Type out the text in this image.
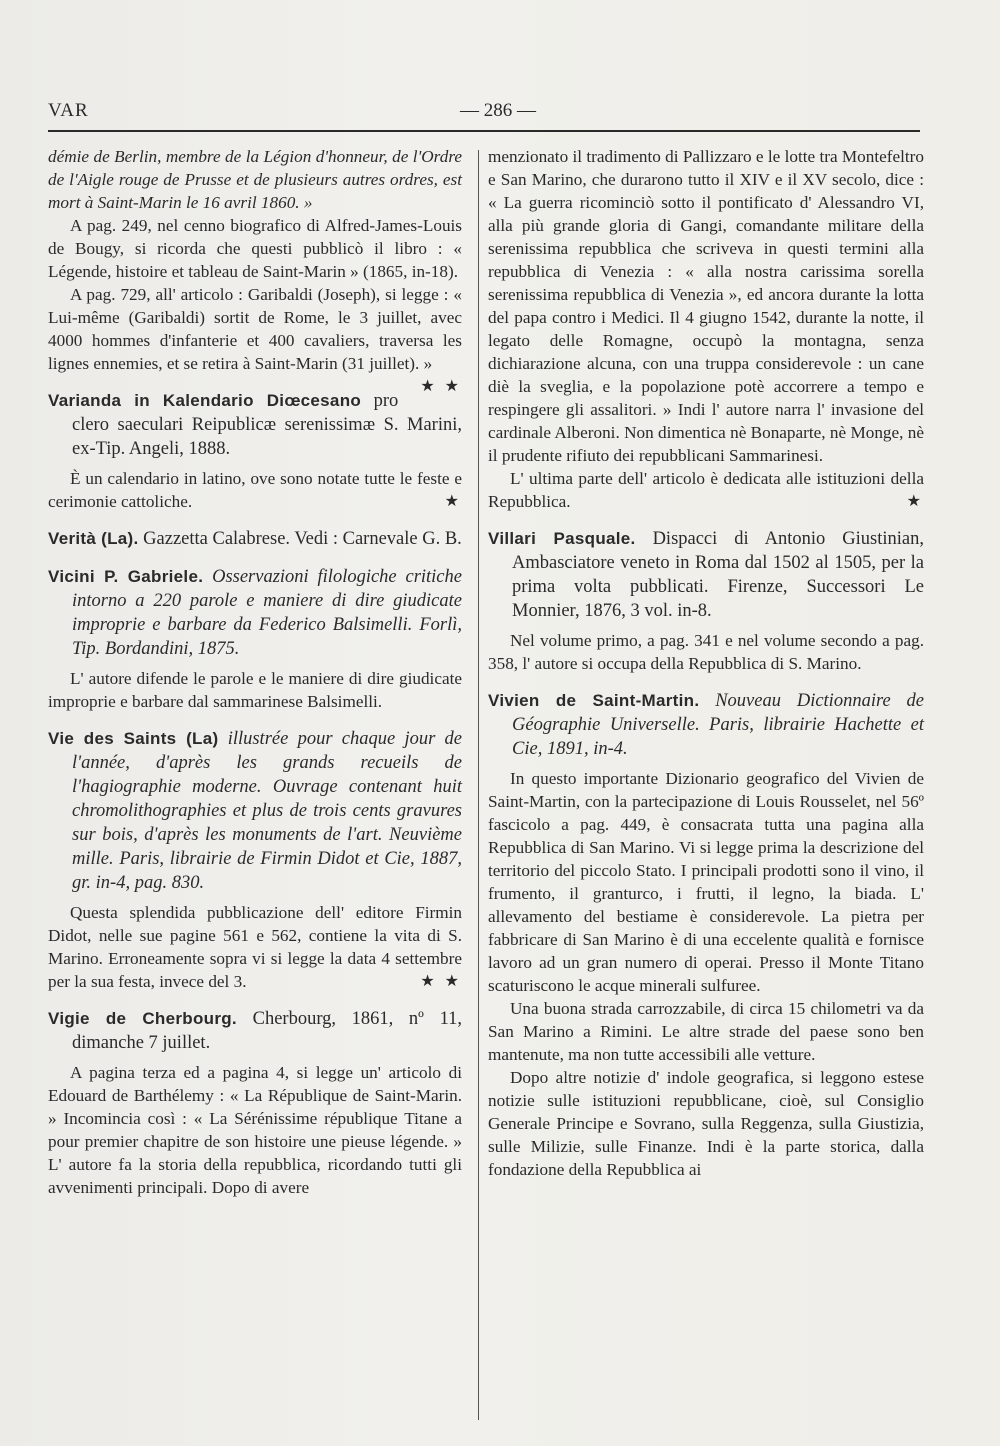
VAR	— 286 —

démie de Berlin, membre de la Légion d'honneur, de l'Ordre de l'Aigle rouge de Prusse et de plusieurs autres ordres, est mort à Saint-Marin le 16 avril 1860. »

A pag. 249, nel cenno biografico di Alfred-James-Louis de Bougy, si ricorda che questi pubblicò il libro : « Légende, histoire et tableau de Saint-Marin » (1865, in-18).

A pag. 729, all' articolo : Garibaldi (Joseph), si legge : « Lui-même (Garibaldi) sortit de Rome, le 3 juillet, avec 4000 hommes d'infanterie et 400 cavaliers, traversa les lignes ennemies, et se retira à Saint-Marin (31 juillet). »
★ ★

Varianda in Kalendario Diœcesano pro clero saeculari Reipublicæ serenissimæ S. Marini, ex-Tip. Angeli, 1888.

È un calendario in latino, ove sono notate tutte le feste e cerimonie cattoliche.	★

Verità (La). Gazzetta Calabrese. Vedi : Carnevale G. B.

Vicini P. Gabriele. Osservazioni filologiche critiche intorno a 220 parole e maniere di dire giudicate improprie e barbare da Federico Balsimelli. Forlì, Tip. Bordandini, 1875.

L' autore difende le parole e le maniere di dire giudicate improprie e barbare dal sammarinese Balsimelli.

Vie des Saints (La) illustrée pour chaque jour de l'année, d'après les grands recueils de l'hagiographie moderne. Ouvrage contenant huit chromolithographies et plus de trois cents gravures sur bois, d'après les monuments de l'art. Neuvième mille. Paris, librairie de Firmin Didot et Cie, 1887, gr. in-4, pag. 830.

Questa splendida pubblicazione dell' editore Firmin Didot, nelle sue pagine 561 e 562, contiene la vita di S. Marino. Erroneamente sopra vi si legge la data 4 settembre per la sua festa, invece del 3.	★ ★

Vigie de Cherbourg. Cherbourg, 1861, nº 11, dimanche 7 juillet.

A pagina terza ed a pagina 4, si legge un' articolo di Edouard de Barthélemy : « La République de Saint-Marin. » Incomincia così : « La Sérénissime république Titane a pour premier chapitre de son histoire une pieuse légende. » L' autore fa la storia della repubblica, ricordando tutti gli avvenimenti principali. Dopo di avere

menzionato il tradimento di Pallizzaro e le lotte tra Montefeltro e San Marino, che durarono tutto il XIV e il XV secolo, dice : « La guerra ricominciò sotto il pontificato d' Alessandro VI, alla più grande gloria di Gangi, comandante militare della serenissima repubblica che scriveva in questi termini alla repubblica di Venezia : « alla nostra carissima sorella serenissima repubblica di Venezia », ed ancora durante la lotta del papa contro i Medici. Il 4 giugno 1542, durante la notte, il legato delle Romagne, occupò la montagna, senza dichiarazione alcuna, con una truppa considerevole : un cane diè la sveglia, e la popolazione potè accorrere a tempo e respingere gli assalitori. » Indi l' autore narra l' invasione del cardinale Alberoni. Non dimentica nè Bonaparte, nè Monge, nè il prudente rifiuto dei repubblicani Sammarinesi.

L' ultima parte dell' articolo è dedicata alle istituzioni della Repubblica.	★

Villari Pasquale. Dispacci di Antonio Giustinian, Ambasciatore veneto in Roma dal 1502 al 1505, per la prima volta pubblicati. Firenze, Successori Le Monnier, 1876, 3 vol. in-8.

Nel volume primo, a pag. 341 e nel volume secondo a pag. 358, l' autore si occupa della Repubblica di S. Marino.

Vivien de Saint-Martin. Nouveau Dictionnaire de Géographie Universelle. Paris, librairie Hachette et Cie, 1891, in-4.

In questo importante Dizionario geografico del Vivien de Saint-Martin, con la partecipazione di Louis Rousselet, nel 56º fascicolo a pag. 449, è consacrata tutta una pagina alla Repubblica di San Marino. Vi si legge prima la descrizione del territorio del piccolo Stato. I principali prodotti sono il vino, il frumento, il granturco, i frutti, il legno, la biada. L' allevamento del bestiame è considerevole. La pietra per fabbricare di San Marino è di una eccelente qualità e fornisce lavoro ad un gran numero di operai. Presso il Monte Titano scaturiscono le acque minerali sulfuree.

Una buona strada carrozzabile, di circa 15 chilometri va da San Marino a Rimini. Le altre strade del paese sono ben mantenute, ma non tutte accessibili alle vetture.

Dopo altre notizie d' indole geografica, si leggono estese notizie sulle istituzioni repubblicane, cioè, sul Consiglio Generale Principe e Sovrano, sulla Reggenza, sulla Giustizia, sulle Milizie, sulle Finanze. Indi è la parte storica, dalla fondazione della Repubblica ai
